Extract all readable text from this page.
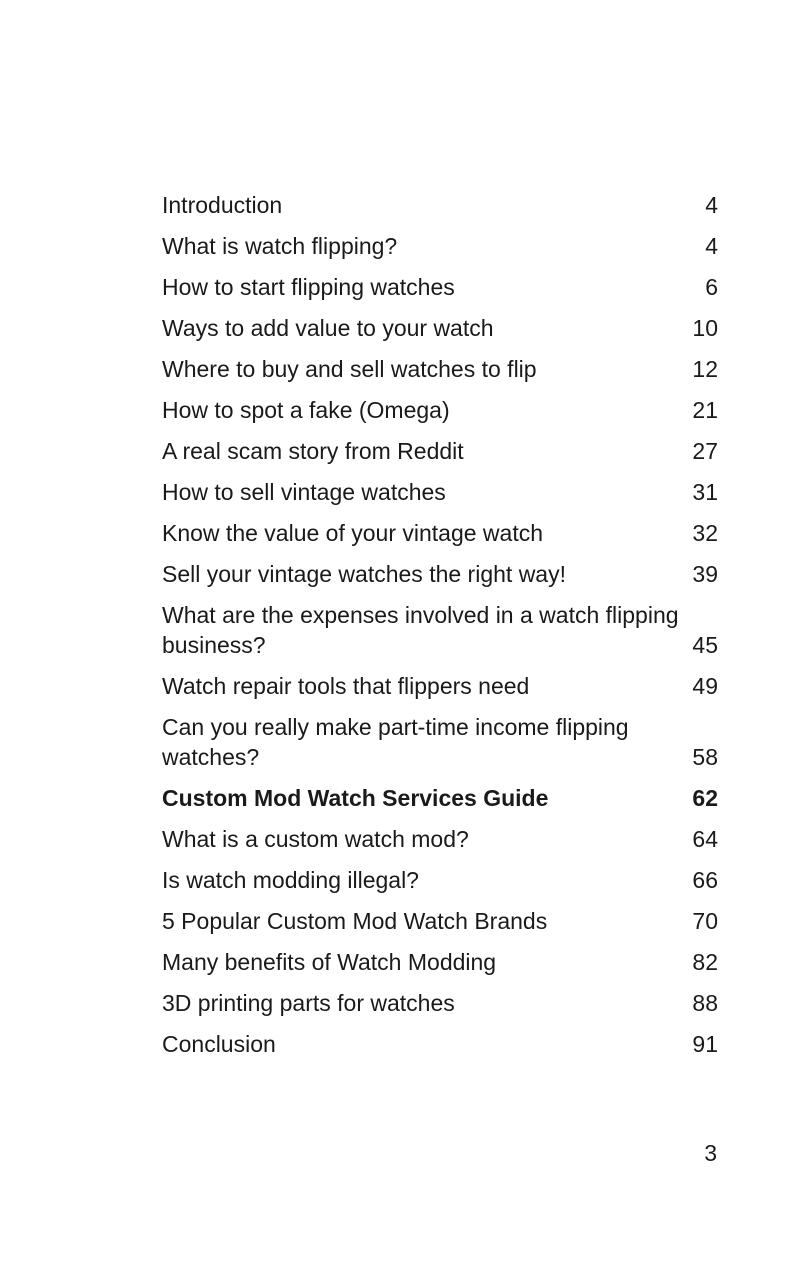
Introduction	4
What is watch flipping?	4
How to start flipping watches	6
Ways to add value to your watch	10
Where to buy and sell watches to flip	12
How to spot a fake (Omega)	21
A real scam story from Reddit	27
How to sell vintage watches	31
Know the value of your vintage watch	32
Sell your vintage watches the right way!	39
What are the expenses involved in a watch flipping business?	45
Watch repair tools that flippers need	49
Can you really make part-time income flipping watches?	58
Custom Mod Watch Services Guide	62
What is a custom watch mod?	64
Is watch modding illegal?	66
5 Popular Custom Mod Watch Brands	70
Many benefits of Watch Modding	82
3D printing parts for watches	88
Conclusion	91
3
